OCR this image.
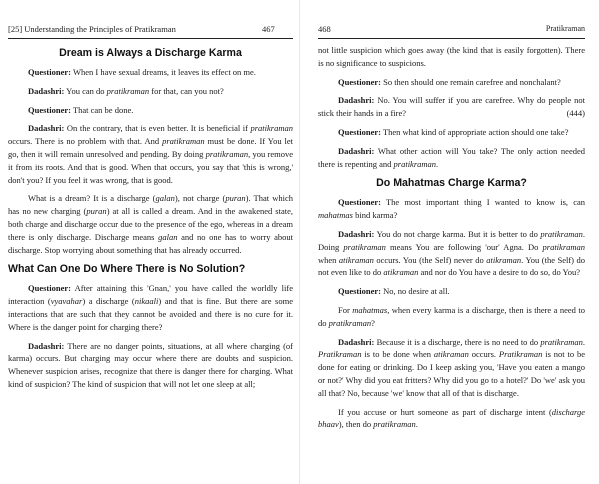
[25] Understanding the Principles of Pratikraman	467
Dream is Always a Discharge Karma

Questioner: When I have sexual dreams, it leaves its effect on me.

Dadashri: You can do pratikraman for that, can you not?

Questioner: That can be done.

Dadashri: On the contrary, that is even better. It is beneficial if pratikraman occurs. There is no problem with that. And pratikraman must be done. If You let go, then it will remain unresolved and pending. By doing pratikraman, you remove it from its roots. And that is good. When that occurs, you say that 'this is wrong,' don't you? If you feel it was wrong, that is good.

What is a dream? It is a discharge (galan), not charge (puran). That which has no new charging (puran) at all is called a dream. And in the awakened state, both charge and discharge occur due to the presence of the ego, whereas in a dream there is only discharge. Discharge means galan and no one has to worry about discharge. Stop worrying about something that has already occurred.

What Can One Do Where There is No Solution?

Questioner: After attaining this 'Gnan,' you have called the worldly life interaction (vyavahar) a discharge (nikaali) and that is fine. But there are some interactions that are such that they cannot be avoided and there is no cure for it. Where is the danger point for charging there?

Dadashri: There are no danger points, situations, at all where charging (of karma) occurs. But charging may occur where there are doubts and suspicion. Whenever suspicion arises, recognize that there is danger there for charging. What kind of suspicion? The kind of suspicion that will not let one sleep at all;

468	Pratikraman

not little suspicion which goes away (the kind that is easily forgotten). There is no significance to suspicions.

Questioner: So then should one remain carefree and nonchalant?

Dadashri: No. You will suffer if you are carefree. Why do people not stick their hands in a fire?	(444)

Questioner: Then what kind of appropriate action should one take?

Dadashri: What other action will You take? The only action needed there is repenting and pratikraman.

Do Mahatmas Charge Karma?

Questioner: The most important thing I wanted to know is, can mahatmas bind karma?

Dadashri: You do not charge karma. But it is better to do pratikraman. Doing pratikraman means You are following 'our' Agna. Do pratikraman when atikraman occurs. You (the Self) never do atikraman. You (the Self) do not even like to do atikraman and nor do You have a desire to do so, do You?

Questioner: No, no desire at all.

For mahatmas, when every karma is a discharge, then is there a need to do pratikraman?

Dadashri: Because it is a discharge, there is no need to do pratikraman. Pratikraman is to be done when atikraman occurs. Pratikraman is not to be done for eating or drinking. Do I keep asking you, 'Have you eaten a mango or not?' Why did you eat fritters? Why did you go to a hotel?' Do 'we' ask you all that? No, because 'we' know that all of that is discharge.

If you accuse or hurt someone as part of discharge intent (discharge bhaav), then do pratikraman.
